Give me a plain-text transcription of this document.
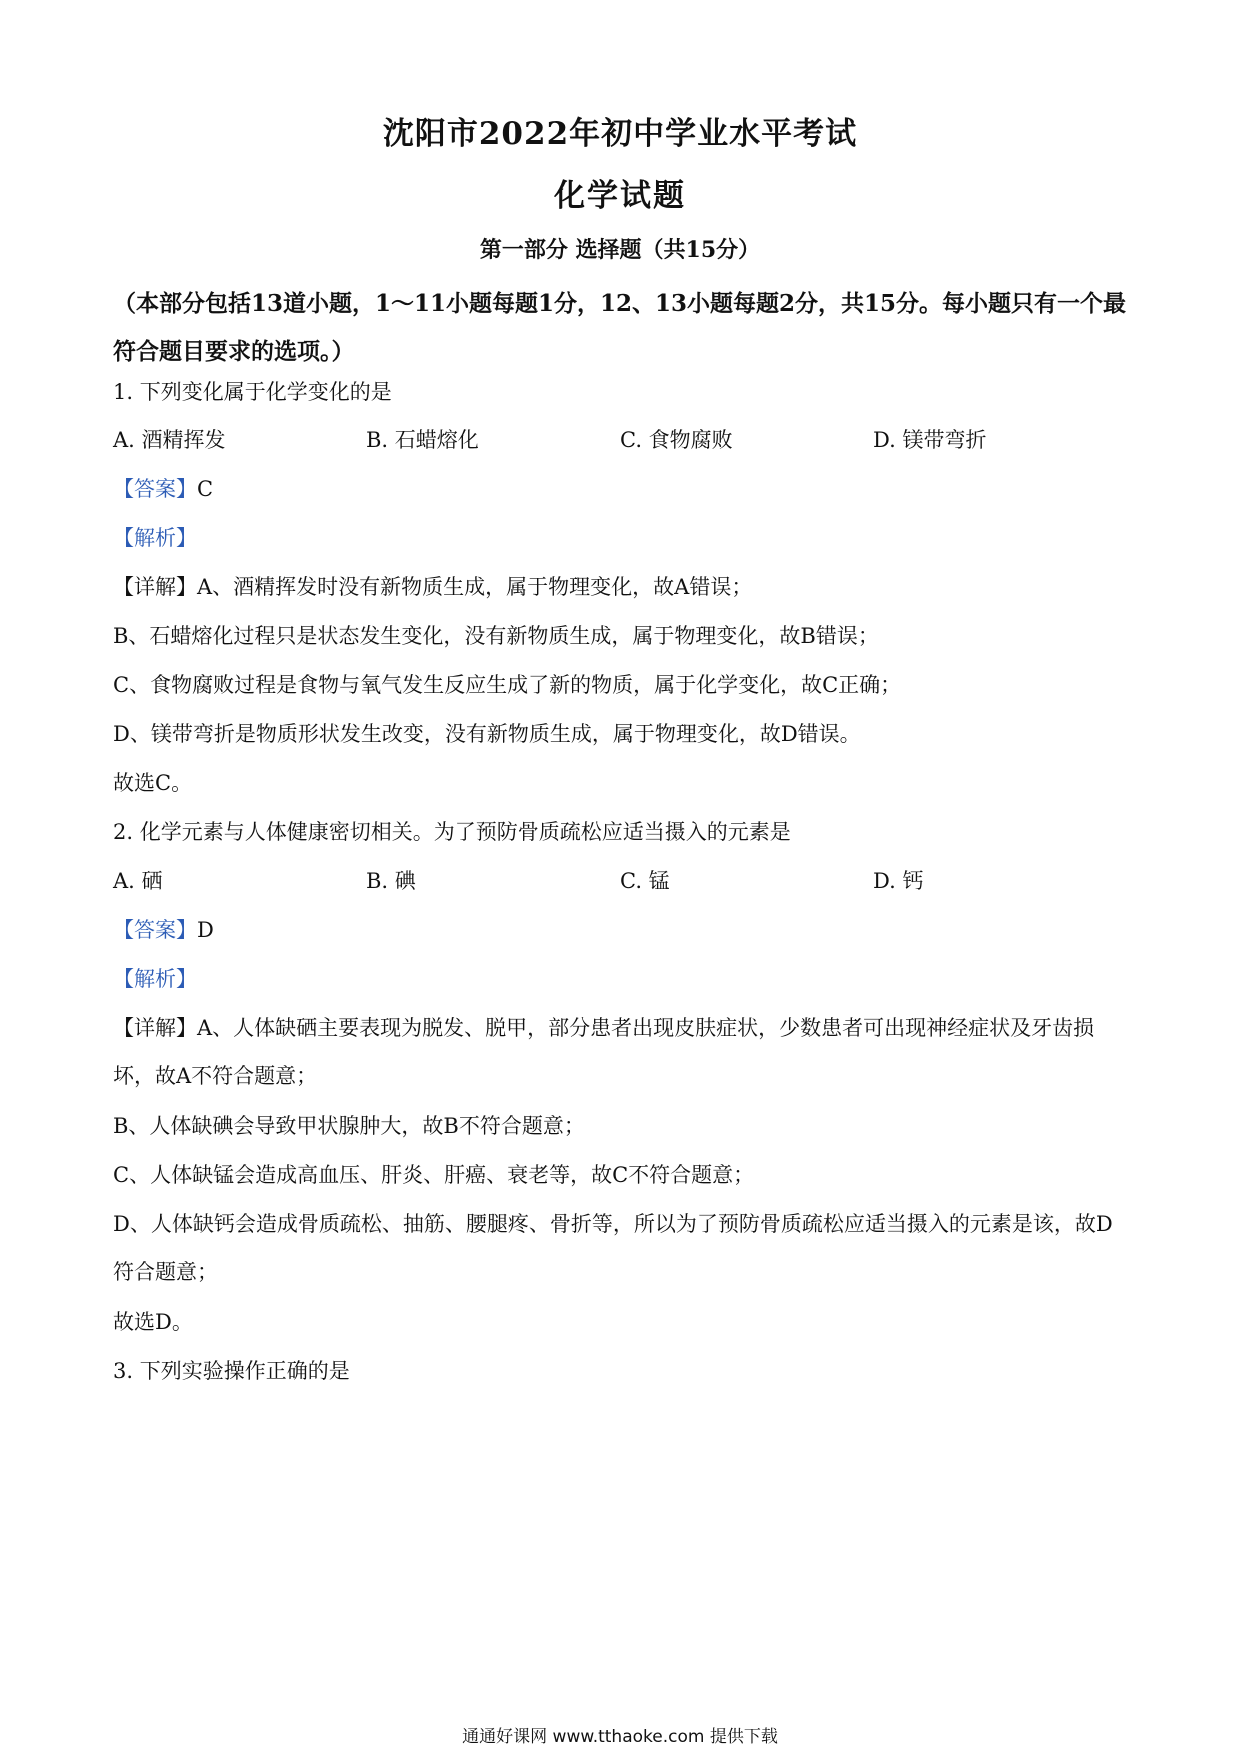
沈阳市2022年初中学业水平考试
化学试题
第一部分 选择题（共15分）
（本部分包括13道小题，1～11小题每题1分，12、13小题每题2分，共15分。每小题只有一个最符合题目要求的选项。）
1. 下列变化属于化学变化的是
A. 酒精挥发	B. 石蜡熔化	C. 食物腐败	D. 镁带弯折
【答案】C
【解析】
【详解】A、酒精挥发时没有新物质生成，属于物理变化，故A错误；
B、石蜡熔化过程只是状态发生变化，没有新物质生成，属于物理变化，故B错误；
C、食物腐败过程是食物与氧气发生反应生成了新的物质，属于化学变化，故C正确；
D、镁带弯折是物质形状发生改变，没有新物质生成，属于物理变化，故D错误。
故选C。
2. 化学元素与人体健康密切相关。为了预防骨质疏松应适当摄入的元素是
A. 硒	B. 碘	C. 锰	D. 钙
【答案】D
【解析】
【详解】A、人体缺硒主要表现为脱发、脱甲，部分患者出现皮肤症状，少数患者可出现神经症状及牙齿损坏，故A不符合题意；
B、人体缺碘会导致甲状腺肿大，故B不符合题意；
C、人体缺锰会造成高血压、肝炎、肝癌、衰老等，故C不符合题意；
D、人体缺钙会造成骨质疏松、抽筋、腰腿疼、骨折等，所以为了预防骨质疏松应适当摄入的元素是该，故D符合题意；
故选D。
3. 下列实验操作正确的是
通通好课网 www.tthaoke.com 提供下载
